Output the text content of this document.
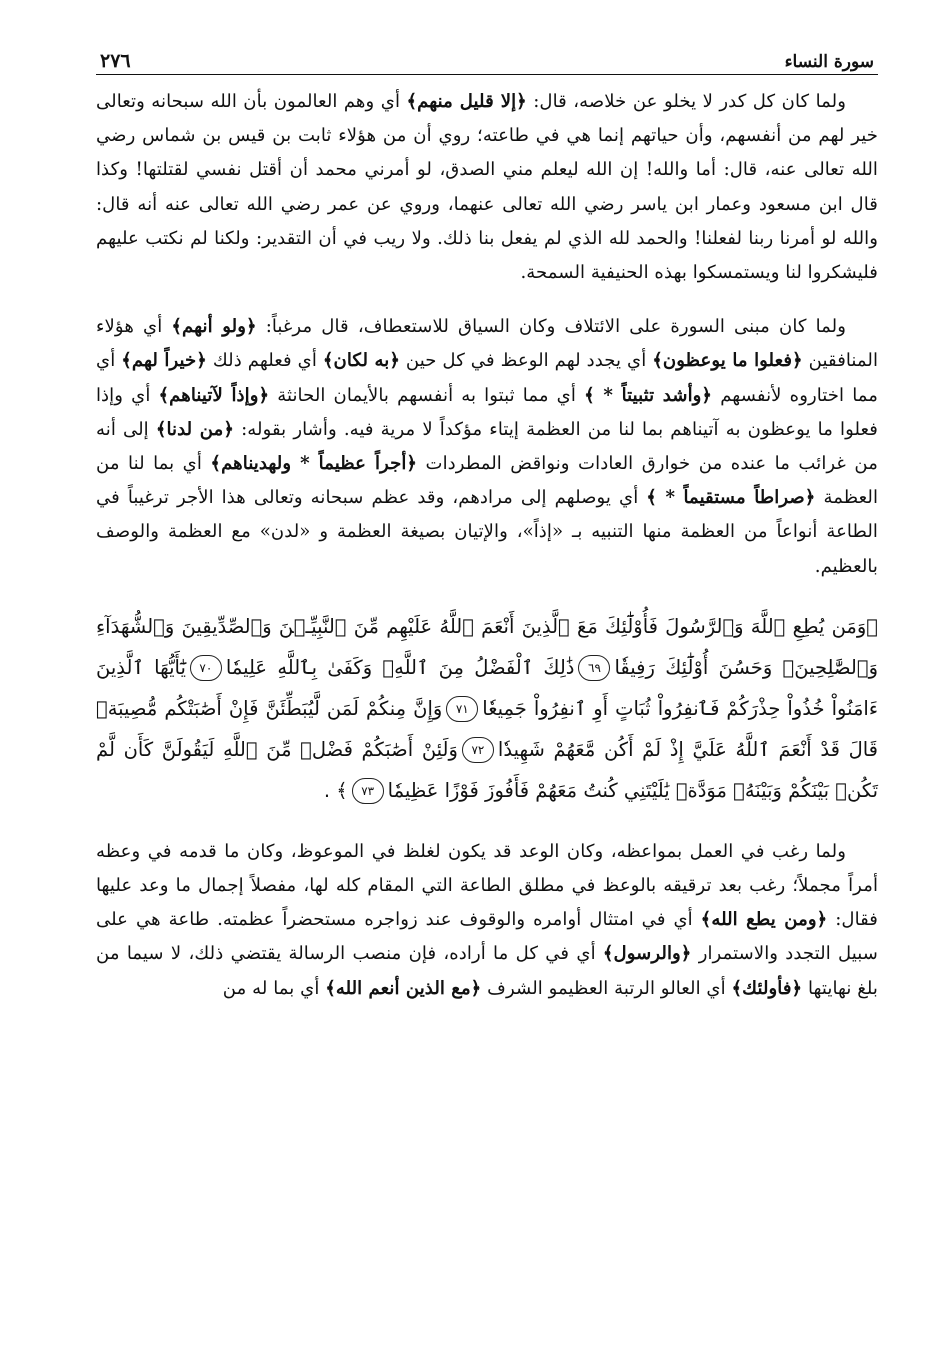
سورة النساء
٢٧٦

ولما كان كل كدر لا يخلو عن خلاصه، قال: ﴿إلا قليل منهم﴾ أي وهم العالمون بأن الله سبحانه وتعالى خير لهم من أنفسهم، وأن حياتهم إنما هي في طاعته؛ روي أن من هؤلاء ثابت بن قيس بن شماس رضي الله تعالى عنه، قال: أما والله! إن الله ليعلم مني الصدق، لو أمرني محمد أن أقتل نفسي لقتلتها! وكذا قال ابن مسعود وعمار ابن ياسر رضي الله تعالى عنهما، وروي عن عمر رضي الله تعالى عنه أنه قال: والله لو أمرنا ربنا لفعلنا! والحمد لله الذي لم يفعل بنا ذلك. ولا ريب في أن التقدير: ولكنا لم نكتب عليهم فليشكروا لنا ويستمسكوا بهذه الحنيفية السمحة.

ولما كان مبنى السورة على الائتلاف وكان السياق للاستعطاف، قال مرغباً: ﴿ولو أنهم﴾ أي هؤلاء المنافقين ﴿فعلوا ما يوعظون﴾ أي يجدد لهم الوعظ في كل حين ﴿به لكان﴾ أي فعلهم ذلك ﴿خيراً لهم﴾ أي مما اختاروه لأنفسهم ﴿وأشد تثبيتاً * ﴾ أي مما ثبتوا به أنفسهم بالأيمان الحانثة ﴿وإذاً لآتيناهم﴾ أي وإذا فعلوا ما يوعظون به آتيناهم بما لنا من العظمة إيتاء مؤكداً لا مرية فيه. وأشار بقوله: ﴿من لدنا﴾ إلى أنه من غرائب ما عنده من خوارق العادات ونواقض المطردات ﴿أجراً عظيماً * ولهديناهم﴾ أي بما لنا من العظمة ﴿صراطاً مستقيماً * ﴾ أي يوصلهم إلى مرادهم، وقد عظم سبحانه وتعالى هذا الأجر ترغيباً في الطاعة أنواعاً من العظمة منها التنبيه بـ «إذاً»، والإتيان بصيغة العظمة و «لدن» مع العظمة والوصف بالعظيم.

﴿وَمَن يُطِعِ ٱللَّهَ وَٱلرَّسُولَ فَأُوْلَٰٓئِكَ مَعَ ٱلَّذِينَ أَنْعَمَ ٱللَّهُ عَلَيْهِم مِّنَ ٱلنَّبِيِّـۧنَ وَٱلصِّدِّيقِينَ وَٱلشُّهَدَآءِ وَٱلصَّٰلِحِينَۚ وَحَسُنَ أُوْلَٰٓئِكَ رَفِيقٗا٦٩ذَٰلِكَ ٱلْفَضْلُ مِنَ ٱللَّهِۚ وَكَفَىٰ بِٱللَّهِ عَلِيمٗا٧٠يَٰٓأَيُّهَا ٱلَّذِينَ ءَامَنُواْ خُذُواْ حِذْرَكُمْ فَٱنفِرُواْ ثُبَاتٍ أَوِ ٱنفِرُواْ جَمِيعٗا٧١وَإِنَّ مِنكُمْ لَمَن لَّيُبَطِّئَنَّ فَإِنْ أَصَٰبَتْكُم مُّصِيبَةٞ قَالَ قَدْ أَنْعَمَ ٱللَّهُ عَلَيَّ إِذْ لَمْ أَكُن مَّعَهُمْ شَهِيدٗا٧٢وَلَئِنْ أَصَٰبَكُمْ فَضْلٞ مِّنَ ٱللَّهِ لَيَقُولَنَّ كَأَن لَّمْ تَكُنۢ بَيْنَكُمْ وَبَيْنَهُۥ مَوَدَّةٞ يَٰلَيْتَنِي كُنتُ مَعَهُمْ فَأَفُوزَ فَوْزًا عَظِيمٗا٧٣﴾ .

ولما رغب في العمل بمواعظه، وكان الوعد قد يكون لغلظ في الموعوظ، وكان ما قدمه في وعظه أمراً مجملاً؛ رغب بعد ترقيقه بالوعظ في مطلق الطاعة التي المقام كله لها، مفصلاً إجمال ما وعد عليها فقال: ﴿ومن يطع الله﴾ أي في امتثال أوامره والوقوف عند زواجره مستحضراً عظمته. طاعة هي على سبيل التجدد والاستمرار ﴿والرسول﴾ أي في كل ما أراده، فإن منصب الرسالة يقتضي ذلك، لا سيما من بلغ نهايتها ﴿فأولئك﴾ أي العالو الرتبة العظيمو الشرف ﴿مع الذين أنعم الله﴾ أي بما له من
